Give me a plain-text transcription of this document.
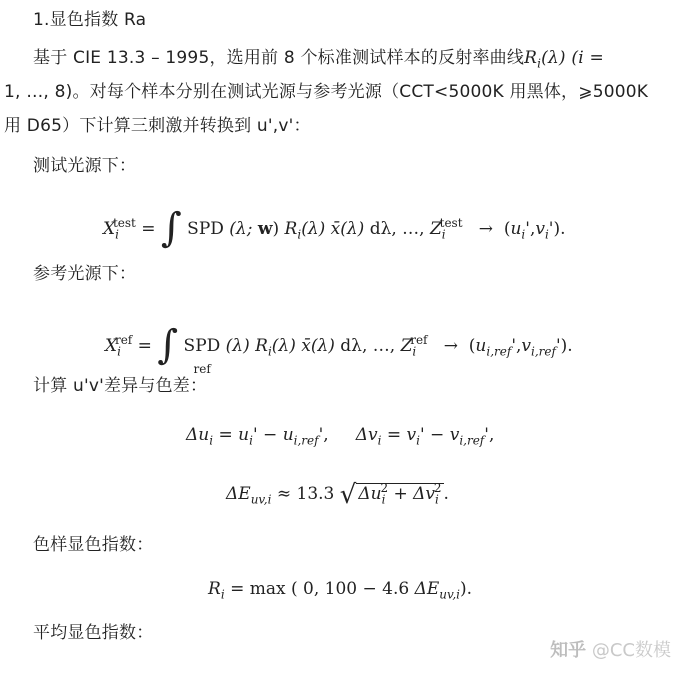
1.显色指数 Ra
基于 CIE 13.3 – 1995，选用前 8 个标准测试样本的反射率曲线$R_i(\lambda) (i$ =
1, …, 8)。对每个样本分别在测试光源与参考光源（CCT<5000K 用黑体，⩾5000K
用 D65）下计算三刺激并转换到 u',v'：
测试光源下：
$X_i^{test}$ = ∫ SPD (λ; w) $R_i(\lambda)$ x̄(λ) dλ, …, $Z_i^{test} \to (u_i',v_i')$.
参考光源下：
$X_i^{ref}$ = ∫ SPD
ref
(λ) $R_i(\lambda)$ x̄(λ) dλ, …, $Z_i^{ref} \to (u_{i,ref}',v_{i,ref}')$.
计算 u'v'差异与色差：
$\Delta u_i = u_i' - u_{i,ref}'$, $\Delta v_i = v_i' - v_{i,ref}'$,
$\Delta E_{uv,i} \approx 13.3$ √ $\Delta u_i^2 + \Delta v_i^2$ .
色样显色指数：
$R_i = \max$ ( 0, 100 − 4.6 $\Delta E_{uv,i}$).
平均显色指数：
知乎 @CC数模
